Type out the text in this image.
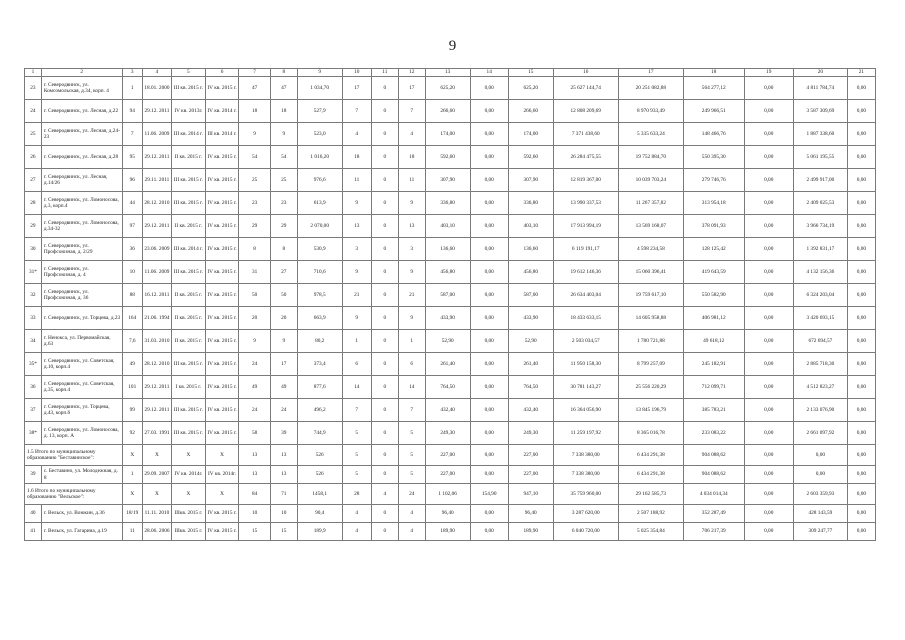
9
1	2	3	4	5	6	7	8	9	10	11	12	13	14	15	16	17	18	19	20	21
23	г. Северодвинск, ул. Комсомольская, д.34, корп. 4	1	18.01. 2000	III кв. 2015 г.	IV кв. 2015 г.	47	47	1 034,70	17	0	17	625,20	0,00	625,20	25 627 144,74	20 251 082,88	564 277,12	0,00	4 811 784,74	0,00
24	г. Северодвинск, ул. Лесная, д.22	94	29.12. 2011	IV кв. 2013г.	IV кв. 2014 г.	18	18	527,9	7	0	7	266,60	0,00	266,60	12 808 209,69	8 970 933,49	249 966,51	0,00	3 587 309,69	0,00
25	г. Северодвинск, ул. Лесная, д.24-23	7	11.06. 2009	III кв. 2014 г.	III кв. 2014 г.	9	9	523,0	4	0	4	174,00	0,00	174,00	7 371 438,60	5 335 633,24	148 466,76	0,00	1 887 338,60	0,00
26	г. Северодвинск, ул. Лесная, д.28	95	29.12. 2011	II кв. 2015 г.	IV кв. 2015 г.	54	54	1 016,20	18	0	18	592,60	0,00	592,60	26 284 475,55	19 752 884,70	550 395,30	0,00	5 061 195,55	0,00
27	г. Северодвинск, ул. Лесная, д.14/26	96	29.11. 2011	III кв. 2015 г.	IV кв. 2015 г.	25	25	976,6	11	0	11	307,90	0,00	307,90	12 819 367,00	10 039 703,24	279 746,76	0,00	2 499 917,00	0,00
28	г. Северодвинск, ул. Ломоносова, д.3, корп.4	44	28.12. 2010	III кв. 2015 г.	IV кв. 2015 г.	23	23	613,9	9	0	9	336,80	0,00	336,80	13 990 337,53	11 267 357,82	313 954,18	0,00	2 409 025,53	0,00
29	г. Северодвинск, ул. Ломоносова, д.34-32	97	29.12. 2011	II кв. 2015 г.	IV кв. 2015 г.	29	29	2 070,00	13	0	13	403,10	0,00	403,10	17 913 994,19	13 569 168,07	378 091,93	0,00	3 966 734,19	0,00
30	г. Северодвинск, ул. Профсоюзная, д. 2/29	36	23.06. 2009	III кв. 2014 г.	IV кв. 2015 г.	8	8	530,9	3	0	3	136,60	0,00	136,60	6 119 191,17	4 598 234,58	128 125,42	0,00	1 392 831,17	0,00
31*	г. Северодвинск, ул. Профсоюзная, д. 4	10	11.06. 2009	III кв. 2015 г.	IV кв. 2015 г.	31	27	710,6	9	0	9	456,80	0,00	456,80	19 612 146,36	15 060 396,41	419 643,59	0,00	4 132 156,36	0,00
32	г. Северодвинск, ул. Профсоюзная, д. 36	88	16.12. 2011	II кв. 2015 г.	IV кв. 2015 г.	50	50	978,5	21	0	21	587,00	0,00	587,00	26 634 403,04	19 759 617,10	550 582,90	0,00	6 324 203,04	0,00
33	г. Северодвинск, ул. Торцева, д.23	164	21.06. 1994	II кв. 2015 г.	IV кв. 2015 г.	20	20	663,9	9	0	9	433,90	0,00	433,90	18 433 633,15	14 605 958,88	406 981,12	0,00	3 420 693,15	0,00
34	г. Ненокса, ул. Первомайская, д.63	7,6	31.03. 2010	II кв. 2015 г.	IV кв. 2015 г.	9	9	80,2	1	0	1	52,90	0,00	52,90	2 503 034,57	1 780 721,88	49 618,12	0,00	672 694,57	0,00
35*	г. Северодвинск, ул. Советская, д.10, корп.4	49	28.12. 2010	III кв. 2015 г.	IV кв. 2015 г.	24	17	373,4	6	0	6	261,40	0,00	261,40	11 950 158,30	8 799 257,09	245 182,91	0,00	2 885 718,30	0,00
36	г. Северодвинск, ул. Советская, д.35, корп.4	101	29.12. 2011	I кв. 2015 г.	IV кв. 2015 г.	49	49	877,6	14	0	14	764,50	0,00	764,50	30 781 143,27	25 556 220,29	712 099,71	0,00	4 512 823,27	0,00
37	г. Северодвинск, ул. Торцева, д.43, корп.6	99	29.12. 2011	III кв. 2015 г.	IV кв. 2015 г.	24	24	496,2	7	0	7	432,40	0,00	432,40	16 364 056,90	13 845 196,79	385 783,21	0,00	2 133 076,90	0,00
38*	г. Северодвинск, ул. Ломоносова, д. 13, корп. А	92	27.03. 1991	III кв. 2015 г.	IV кв. 2015 г.	58	39	744,9	5	0	5	249,30	0,00	249,30	11 259 197,92	8 365 016,78	233 083,22	0,00	2 661 097,92	0,00
1.5 Итого по муниципальному образованию "Беставинское":		X	X	X	X	13	13	526	5	0	5	227,00	0,00	227,00	7 338 380,00	6 434 291,38	904 088,62	0,00	0,00	0,00
39	с. Беставино, ул. Молодежная, д. 8	1	29.09. 2007	IV кв. 2014г.	IV кв. 2014г.	13	13	526	5	0	5	227,00	0,00	227,00	7 338 380,00	6 434 291,38	904 088,62	0,00	0,00	0,00
1.6 Итого по муниципальному образованию "Вельское":		X	X	X	X	84	71	1458,1	28	4	24	1 102,06	154,90	947,10	35 759 960,00	29 162 585,73	4 034 014,34	0,00	2 603 359,93	0,00
40	г. Вельск, ул. Воюкин, д.36	18/19	11.11. 2010	IIIкв. 2015 г.	IV кв. 2015 г.	10	10	90,4	4	0	4	96,40	0,00	96,40	3 287 620,00	2 507 188,92	352 287,49	0,00	428 143,59	0,00
41	г. Вельск, ул. Гагарина, д.19	11	28.06. 2006	IIIкв. 2015 г.	IV кв. 2015 г.	15	15	189,9	4	0	4	189,90	0,00	189,90	6 040 720,00	5 025 354,84	706 217,39	0,00	309 247,77	0,00
